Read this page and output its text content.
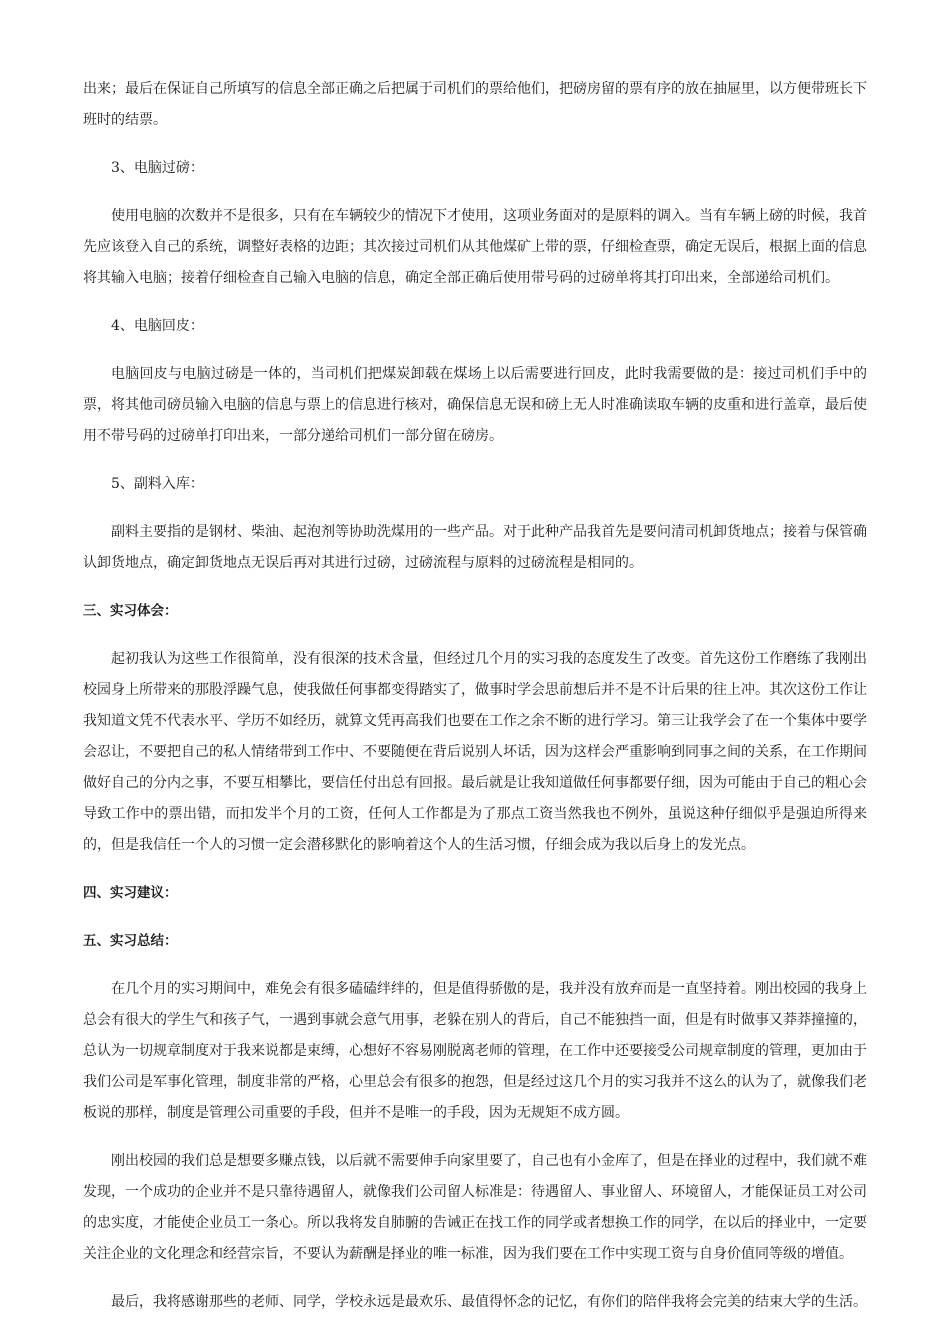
出来；最后在保证自己所填写的信息全部正确之后把属于司机们的票给他们，把磅房留的票有序的放在抽屉里，以方便带班长下班时的结票。

3、电脑过磅：

使用电脑的次数并不是很多，只有在车辆较少的情况下才使用，这项业务面对的是原料的调入。当有车辆上磅的时候，我首先应该登入自己的系统，调整好表格的边距；其次接过司机们从其他煤矿上带的票，仔细检查票，确定无误后，根据上面的信息将其输入电脑；接着仔细检查自己输入电脑的信息，确定全部正确后使用带号码的过磅单将其打印出来，全部递给司机们。

4、电脑回皮：

电脑回皮与电脑过磅是一体的，当司机们把煤炭卸载在煤场上以后需要进行回皮，此时我需要做的是：接过司机们手中的票，将其他司磅员输入电脑的信息与票上的信息进行核对，确保信息无误和磅上无人时准确读取车辆的皮重和进行盖章，最后使用不带号码的过磅单打印出来，一部分递给司机们一部分留在磅房。

5、副料入库：

副料主要指的是钢材、柴油、起泡剂等协助洗煤用的一些产品。对于此种产品我首先是要问清司机卸货地点；接着与保管确认卸货地点，确定卸货地点无误后再对其进行过磅，过磅流程与原料的过磅流程是相同的。

三、实习体会：

起初我认为这些工作很简单，没有很深的技术含量，但经过几个月的实习我的态度发生了改变。首先这份工作磨练了我刚出校园身上所带来的那股浮躁气息，使我做任何事都变得踏实了，做事时学会思前想后并不是不计后果的往上冲。其次这份工作让我知道文凭不代表水平、学历不如经历，就算文凭再高我们也要在工作之余不断的进行学习。第三让我学会了在一个集体中要学会忍让，不要把自己的私人情绪带到工作中、不要随便在背后说别人坏话，因为这样会严重影响到同事之间的关系，在工作期间做好自己的分内之事，不要互相攀比，要信任付出总有回报。最后就是让我知道做任何事都要仔细，因为可能由于自己的粗心会导致工作中的票出错，而扣发半个月的工资，任何人工作都是为了那点工资当然我也不例外，虽说这种仔细似乎是强迫所得来的，但是我信任一个人的习惯一定会潜移默化的影响着这个人的生活习惯，仔细会成为我以后身上的发光点。

四、实习建议：

五、实习总结：

在几个月的实习期间中，难免会有很多磕磕绊绊的，但是值得骄傲的是，我并没有放弃而是一直坚持着。刚出校园的我身上总会有很大的学生气和孩子气，一遇到事就会意气用事，老躲在别人的背后，自己不能独挡一面，但是有时做事又莽莽撞撞的，总认为一切规章制度对于我来说都是束缚，心想好不容易刚脱离老师的管理，在工作中还要接受公司规章制度的管理，更加由于我们公司是军事化管理，制度非常的严格，心里总会有很多的抱怨，但是经过这几个月的实习我并不这么的认为了，就像我们老板说的那样，制度是管理公司重要的手段，但并不是唯一的手段，因为无规矩不成方圆。

刚出校园的我们总是想要多赚点钱，以后就不需要伸手向家里要了，自己也有小金库了，但是在择业的过程中，我们就不难发现，一个成功的企业并不是只靠待遇留人，就像我们公司留人标准是：待遇留人、事业留人、环境留人，才能保证员工对公司的忠实度，才能使企业员工一条心。所以我将发自肺腑的告诫正在找工作的同学或者想换工作的同学，在以后的择业中，一定要关注企业的文化理念和经营宗旨，不要认为薪酬是择业的唯一标准，因为我们要在工作中实现工资与自身价值同等级的增值。

最后，我将感谢那些的老师、同学，学校永远是最欢乐、最值得怀念的记忆，有你们的陪伴我将会完美的结束大学的生活。
